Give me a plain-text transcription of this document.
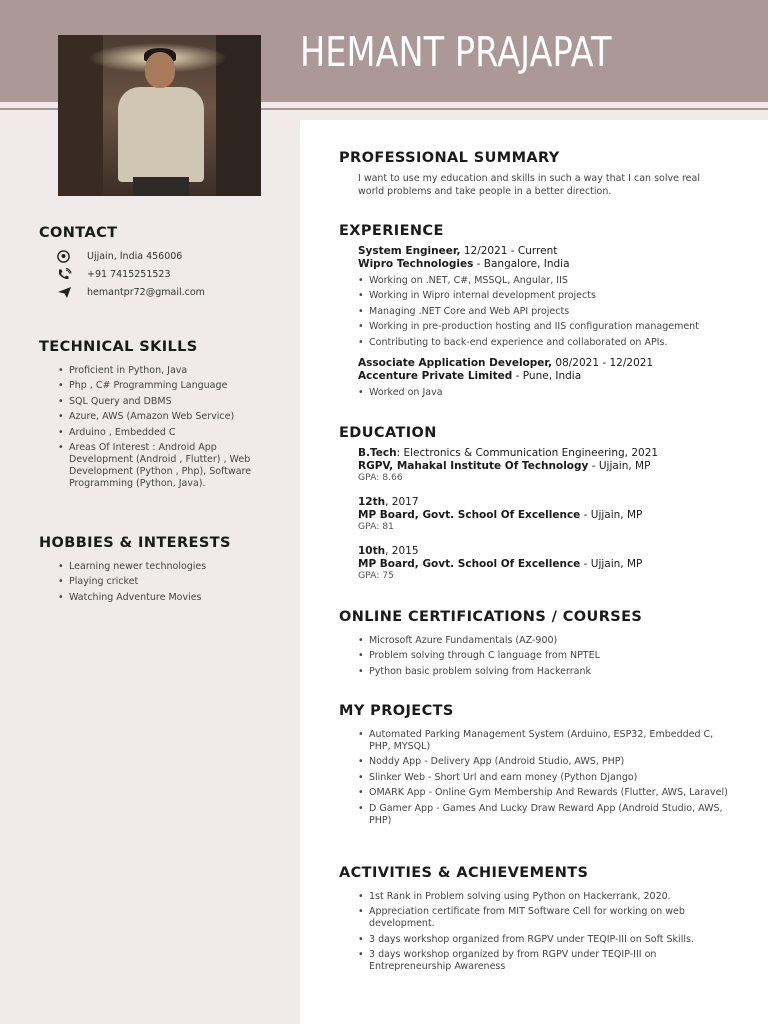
HEMANT PRAJAPAT
CONTACT
Ujjain, India 456006
+91 7415251523
hemantpr72@gmail.com
TECHNICAL SKILLS
• Proficient in Python, Java
• Php , C# Programming Language
• SQL Query and DBMS
• Azure, AWS (Amazon Web Service)
• Arduino , Embedded C
• Areas Of Interest : Android App Development (Android , Flutter) , Web Development (Python , Php), Software Programming (Python, Java).
HOBBIES & INTERESTS
• Learning newer technologies
• Playing cricket
• Watching Adventure Movies
PROFESSIONAL SUMMARY

I want to use my education and skills in such a way that I can solve real world problems and take people in a better direction.

EXPERIENCE
System Engineer, 12/2021 - Current
Wipro Technologies - Bangalore, India
• Working on .NET, C#, MSSQL, Angular, IIS
• Working in Wipro internal development projects
• Managing .NET Core and Web API projects
• Working in pre-production hosting and IIS configuration management
• Contributing to back-end experience and collaborated on APIs.
Associate Application Developer, 08/2021 - 12/2021
Accenture Private Limited - Pune, India
• Worked on Java
EDUCATION
B.Tech: Electronics & Communication Engineering, 2021
RGPV, Mahakal Institute Of Technology - Ujjain, MP
GPA: 8.66
12th, 2017
MP Board, Govt. School Of Excellence - Ujjain, MP
GPA: 81
10th, 2015
MP Board, Govt. School Of Excellence - Ujjain, MP
GPA: 75
ONLINE CERTIFICATIONS / COURSES
• Microsoft Azure Fundamentals (AZ-900)
• Problem solving through C language from NPTEL
• Python basic problem solving from Hackerrank
MY PROJECTS
• Automated Parking Management System (Arduino, ESP32, Embedded C, PHP, MYSQL)
• Noddy App - Delivery App (Android Studio, AWS, PHP)
• Slinker Web - Short Url and earn money (Python Django)
• OMARK App - Online Gym Membership And Rewards (Flutter, AWS, Laravel)
• D Gamer App - Games And Lucky Draw Reward App (Android Studio, AWS, PHP)
ACTIVITIES & ACHIEVEMENTS
• 1st Rank in Problem solving using Python on Hackerrank, 2020.
• Appreciation certificate from MIT Software Cell for working on web development.
• 3 days workshop organized from RGPV under TEQIP-III on Soft Skills.
• 3 days workshop organized by from RGPV under TEQIP-III on Entrepreneurship Awareness
